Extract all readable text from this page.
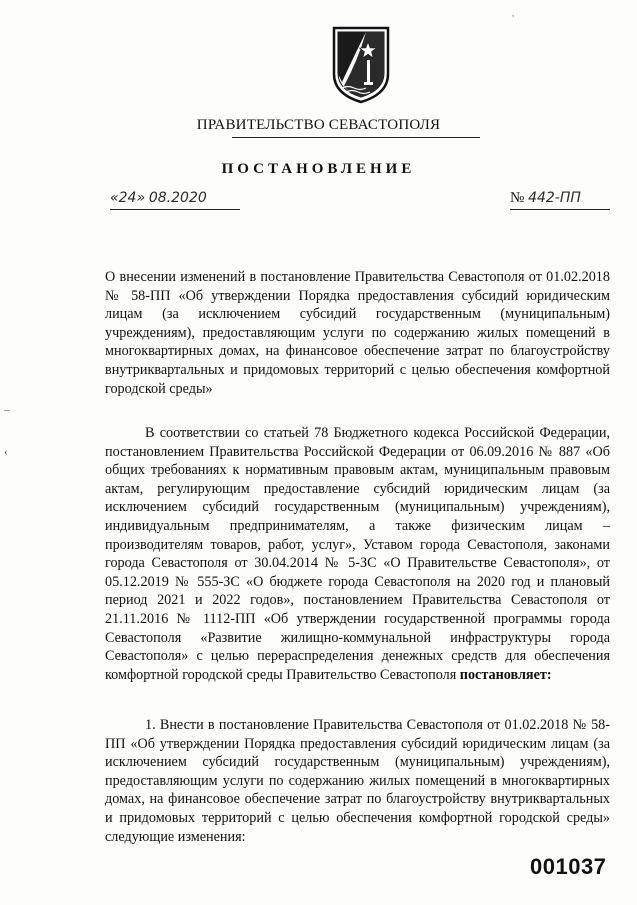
,
ПРАВИТЕЛЬСТВО СЕВАСТОПОЛЯ
ПОСТАНОВЛЕНИЕ
«24» 08.2020	№ 442-ПП
О внесении изменений в постановление Правительства Севастополя от 01.02.2018 № 58-ПП «Об утверждении Порядка предоставления субсидий юридическим лицам (за исключением субсидий государственным (муниципальным) учреждениям), предоставляющим услуги по содержанию жилых помещений в многоквартирных домах, на финансовое обеспечение затрат по благоустройству внутриквартальных и придомовых территорий с целью обеспечения комфортной городской среды»
В соответствии со статьей 78 Бюджетного кодекса Российской Федерации, постановлением Правительства Российской Федерации от 06.09.2016 № 887 «Об общих требованиях к нормативным правовым актам, муниципальным правовым актам, регулирующим предоставление субсидий юридическим лицам (за исключением субсидий государственным (муниципальным) учреждениям), индивидуальным предпринимателям, а также физическим лицам – производителям товаров, работ, услуг», Уставом города Севастополя, законами города Севастополя от 30.04.2014 № 5-ЗС «О Правительстве Севастополя», от 05.12.2019 № 555-ЗС «О бюджете города Севастополя на 2020 год и плановый период 2021 и 2022 годов», постановлением Правительства Севастополя от 21.11.2016 № 1112-ПП «Об утверждении государственной программы города Севастополя «Развитие жилищно-коммунальной инфраструктуры города Севастополя» с целью перераспределения денежных средств для обеспечения комфортной городской среды Правительство Севастополя постановляет:
1. Внести в постановление Правительства Севастополя от 01.02.2018 № 58-ПП «Об утверждении Порядка предоставления субсидий юридическим лицам (за исключением субсидий государственным (муниципальным) учреждениям), предоставляющим услуги по содержанию жилых помещений в многоквартирных домах, на финансовое обеспечение затрат по благоустройству внутриквартальных и придомовых территорий с целью обеспечения комфортной городской среды» следующие изменения:
–
‹
001037
